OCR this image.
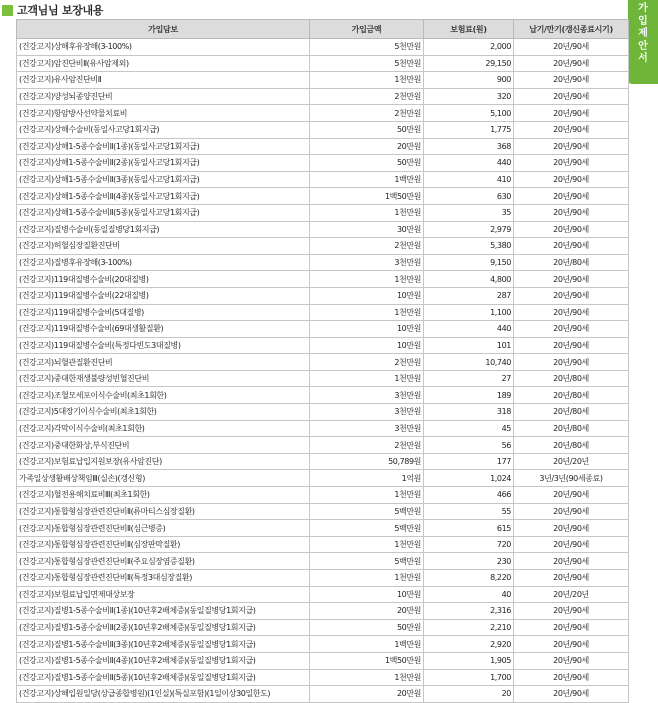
고객님님 보장내용	가
입
제
안
서
가입담보	가입금액	보험료(원)	납기/만기(갱신종료시기)
(건강고지)상해후유장해(3-100%)	5천만원	2,000	20년/90세
(건강고지)암진단비Ⅱ(유사암제외)	5천만원	29,150	20년/90세
(건강고지)유사암진단비Ⅱ	1천만원	900	20년/90세
(건강고지)양성뇌종양진단비	2천만원	320	20년/90세
(건강고지)항암방사선약물치료비	2천만원	5,100	20년/90세
(건강고지)상해수술비(동일사고당1회지급)	50만원	1,775	20년/90세
(건강고지)상해1-5종수술비Ⅱ(1종)(동일사고당1회지급)	20만원	368	20년/90세
(건강고지)상해1-5종수술비Ⅱ(2종)(동일사고당1회지급)	50만원	440	20년/90세
(건강고지)상해1-5종수술비Ⅱ(3종)(동일사고당1회지급)	1백만원	410	20년/90세
(건강고지)상해1-5종수술비Ⅱ(4종)(동일사고당1회지급)	1백50만원	630	20년/90세
(건강고지)상해1-5종수술비Ⅱ(5종)(동일사고당1회지급)	1천만원	35	20년/90세
(건강고지)질병수술비(동일질병당1회지급)	30만원	2,979	20년/90세
(건강고지)허혈심장질환진단비	2천만원	5,380	20년/90세
(건강고지)질병후유장해(3-100%)	3천만원	9,150	20년/80세
(건강고지)119대질병수술비(20대질병)	1천만원	4,800	20년/90세
(건강고지)119대질병수술비(22대질병)	10만원	287	20년/90세
(건강고지)119대질병수술비(5대질병)	1천만원	1,100	20년/90세
(건강고지)119대질병수술비(69대생활질환)	10만원	440	20년/90세
(건강고지)119대질병수술비(특정다빈도3대질병)	10만원	101	20년/90세
(건강고지)뇌혈관질환진단비	2천만원	10,740	20년/90세
(건강고지)중대한재생불량성빈혈진단비	1천만원	27	20년/80세
(건강고지)조혈모세포이식수술비(최초1회한)	3천만원	189	20년/80세
(건강고지)5대장기이식수술비(최초1회한)	3천만원	318	20년/80세
(건강고지)각막이식수술비(최초1회한)	3천만원	45	20년/80세
(건강고지)중대한화상,부식진단비	2천만원	56	20년/80세
(건강고지)보험료납입지원보장(유사암진단)	50,789원	177	20년/20년
가족일상생활배상책임Ⅲ(실손)(갱신형)	1억원	1,024	3년/3년(90세종료)
(건강고지)혈전용해치료비Ⅲ(최초1회한)	1천만원	466	20년/90세
(건강고지)통합형심장관련진단비Ⅱ(류마티스심장질환)	5백만원	55	20년/90세
(건강고지)통합형심장관련진단비Ⅱ(심근병증)	5백만원	615	20년/90세
(건강고지)통합형심장관련진단비Ⅱ(심장판막질환)	1천만원	720	20년/90세
(건강고지)통합형심장관련진단비Ⅱ(주요심장염증질환)	5백만원	230	20년/90세
(건강고지)통합형심장관련진단비Ⅱ(특정3대심장질환)	1천만원	8,220	20년/90세
(건강고지)보험료납입면제대상보장	10만원	40	20년/20년
(건강고지)질병1-5종수술비Ⅱ(1종)(10년후2배체증)(동일질병당1회지급)	20만원	2,316	20년/90세
(건강고지)질병1-5종수술비Ⅱ(2종)(10년후2배체증)(동일질병당1회지급)	50만원	2,210	20년/90세
(건강고지)질병1-5종수술비Ⅱ(3종)(10년후2배체증)(동일질병당1회지급)	1백만원	2,920	20년/90세
(건강고지)질병1-5종수술비Ⅱ(4종)(10년후2배체증)(동일질병당1회지급)	1백50만원	1,905	20년/90세
(건강고지)질병1-5종수술비Ⅱ(5종)(10년후2배체증)(동일질병당1회지급)	1천만원	1,700	20년/90세
(건강고지)상해입원일당(상급종합병원)(1인실)(특실포함)(1일이상30일한도)	20만원	20	20년/90세
